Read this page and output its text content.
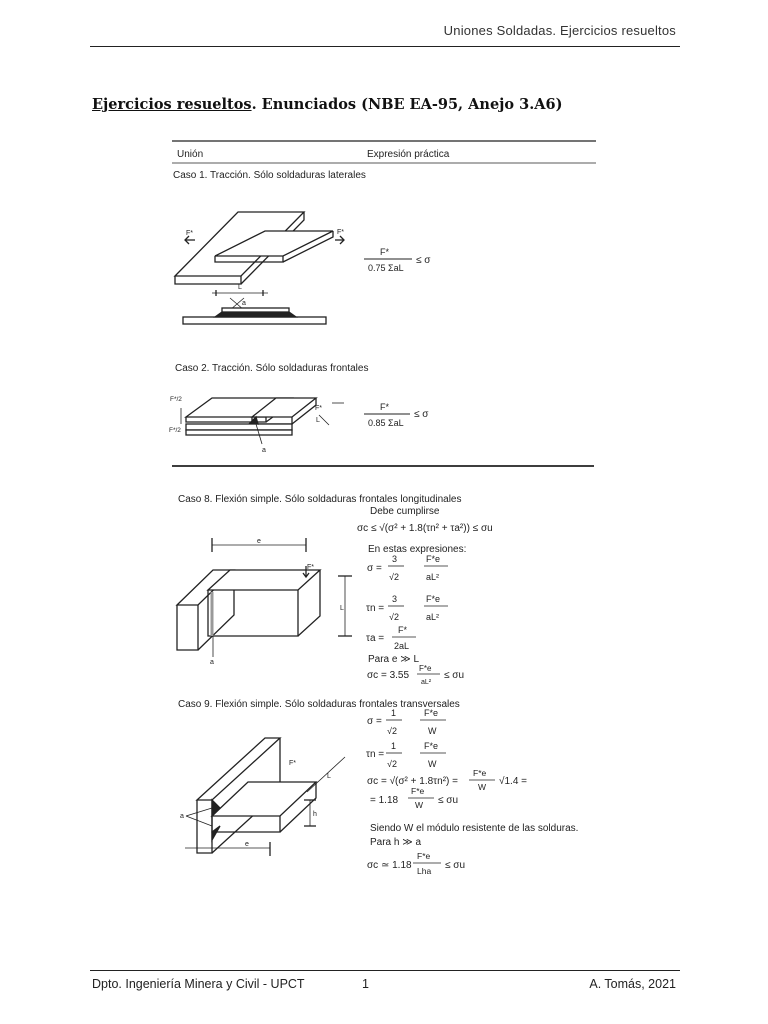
Uniones Soldadas. Ejercicios resueltos
Ejercicios resueltos. Enunciados (NBE EA-95, Anejo 3.A6)
Unión	Expresión práctica
Caso 1. Tracción. Sólo soldaduras laterales
Caso 2. Tracción. Sólo soldaduras frontales
Caso 8. Flexión simple. Sólo soldaduras frontales longitudinales
Caso 9. Flexión simple. Sólo soldaduras frontales transversales
F*	F*
L
a
F*
0.75 ΣaL
≤ σ
F*/2
F*/2
F*
L
a
F*
0.85 ΣaL
≤ σ
e
F*
L
a
Debe cumplirse
σc ≤ √(σ² + 1.8(τn² + τa²)) ≤ σu
En estas expresiones:
σ =
3
√2
F*e
aL²
τn =
3
√2
F*e
aL²
τa =
F*
2aL
Para e ≫ L
σc = 3.55
F*e
aL²
≤ σu
F*
L
h
a
e
σ =
1
√2
F*e
W
τn =
1
√2
F*e
W
σc = √(σ² + 1.8τn²) =
F*e
W √1.4 =
= 1.18
F*e
W ≤ σu
Siendo W el módulo resistente de las solduras.
Para h ≫ a
σc ≃ 1.18
F*e
Lha ≤ σu
Dpto. Ingeniería Minera y Civil - UPCT	1	A. Tomás, 2021
